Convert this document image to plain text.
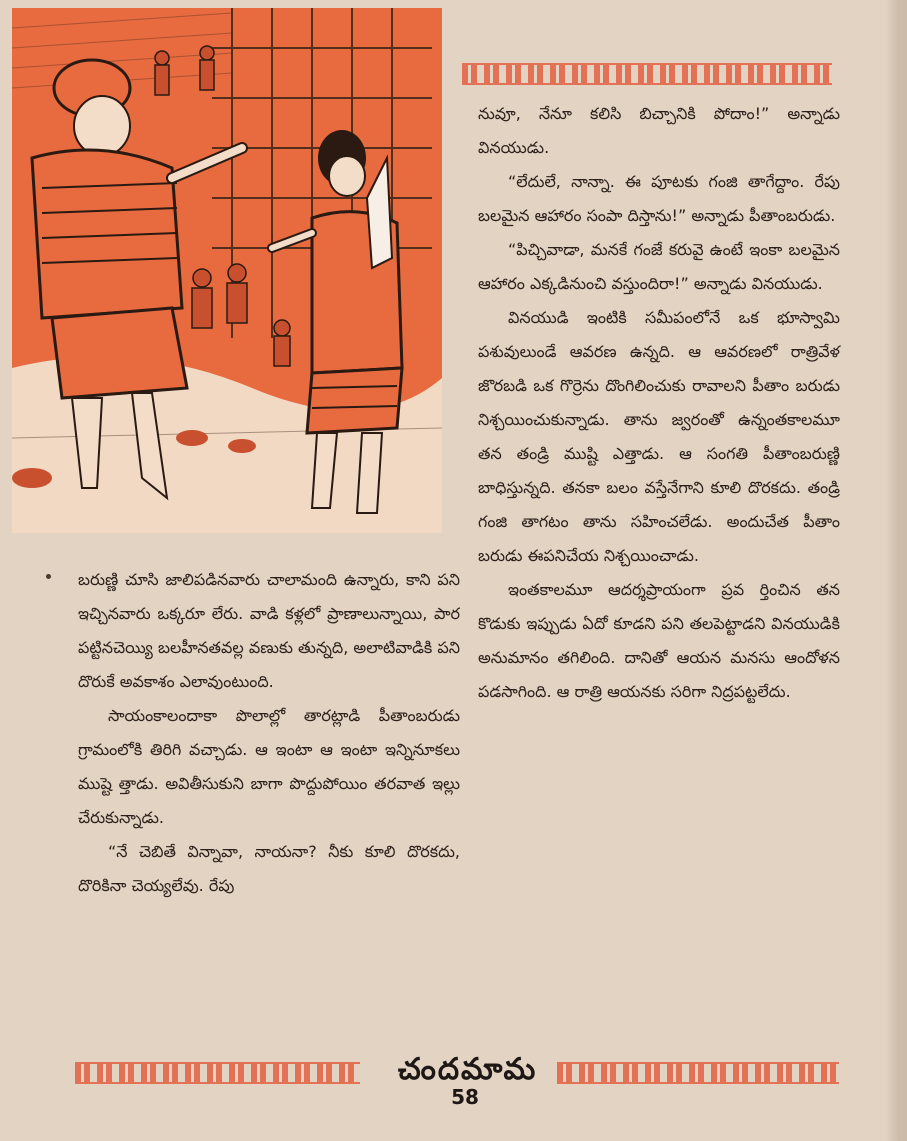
బరుణ్ణి చూసి జాలిపడినవారు చాలామంది ఉన్నారు, కాని పని ఇచ్చినవారు ఒక్కరూ లేరు. వాడి కళ్లలో ప్రాణాలున్నాయి, పార పట్టినచెయ్యి బలహీనతవల్ల వణుకు తున్నది, అలాటివాడికి పని దొరుకే అవకాశం ఎలావుంటుంది.

సాయంకాలందాకా పొలాల్లో తారట్లాడి పీతాంబరుడు గ్రామంలోకి తిరిగి వచ్చాడు. ఆ ఇంటా ఆ ఇంటా ఇన్నినూకలు ముష్టె త్తాడు. అవితీసుకుని బాగా పొద్దుపోయిం తరవాత ఇల్లు చేరుకున్నాడు.

“నే చెబితే విన్నావా, నాయనా? నీకు కూలి దొరకదు, దొరికినా చెయ్యలేవు. రేపు

నువూ, నేనూ కలిసి బిచ్చానికి పోదాం!” అన్నాడు వినయుడు.

“లేదులే, నాన్నా. ఈ పూటకు గంజి తాగేద్దాం. రేపు బలమైన ఆహారం సంపా దిస్తాను!” అన్నాడు పీతాంబరుడు.

“పిచ్చివాడా, మనకే గంజే కరువై ఉంటే ఇంకా బలమైన ఆహారం ఎక్కడినుంచి వస్తుందిరా!” అన్నాడు వినయుడు.

వినయుడి ఇంటికి సమీపంలోనే ఒక భూస్వామి పశువులుండే ఆవరణ ఉన్నది. ఆ ఆవరణలో రాత్రివేళ జొరబడి ఒక గొర్రెను దొంగిలించుకు రావాలని పీతాం బరుడు నిశ్చయించుకున్నాడు. తాను జ్వరంతో ఉన్నంతకాలమూ తన తండ్రి ముష్టి ఎత్తాడు. ఆ సంగతి పీతాంబరుణ్ణి బాధిస్తున్నది. తనకా బలం వస్తేనేగాని కూలి దొరకదు. తండ్రి గంజి తాగటం తాను సహించలేడు. అందుచేత పీతాం బరుడు ఈపనిచేయ నిశ్చయించాడు.

ఇంతకాలమూ ఆదర్శప్రాయంగా ప్రవ ర్తించిన తన కొడుకు ఇప్పుడు ఏదో కూడని పని తలపెట్టాడని వినయుడికి అనుమానం తగిలింది. దానితో ఆయన మనసు ఆందోళన పడసాగింది. ఆ రాత్రి ఆయనకు సరిగా నిద్రపట్టలేదు.

చందమామ
58
